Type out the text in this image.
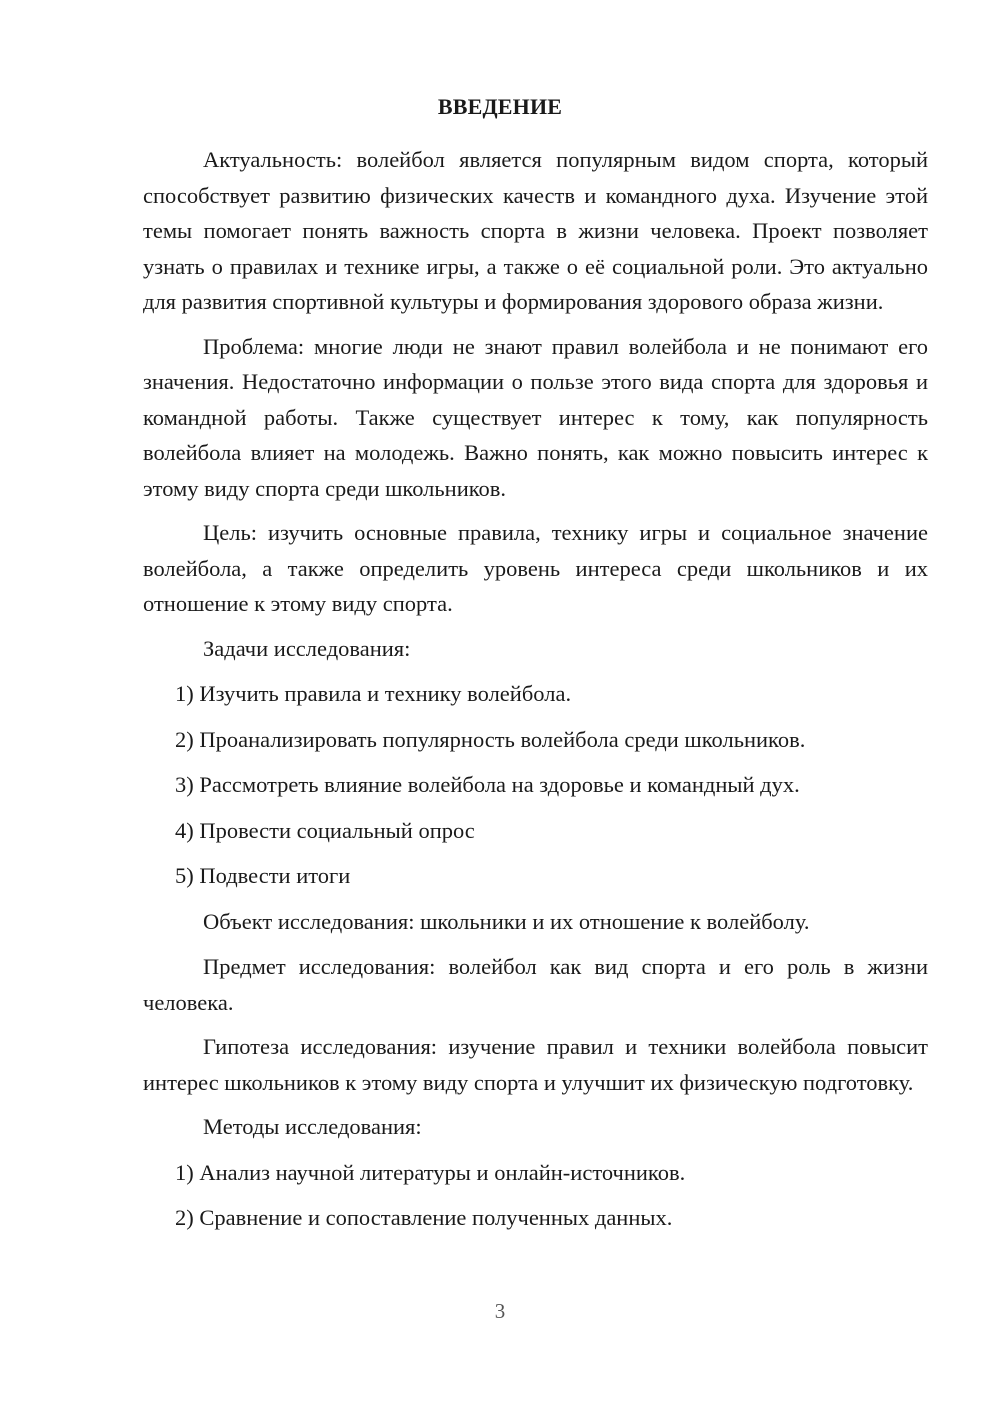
ВВЕДЕНИЕ

Актуальность: волейбол является популярным видом спорта, который способствует развитию физических качеств и командного духа. Изучение этой темы помогает понять важность спорта в жизни человека. Проект позволяет узнать о правилах и технике игры, а также о её социальной роли. Это актуально для развития спортивной культуры и формирования здорового образа жизни.

Проблема: многие люди не знают правил волейбола и не понимают его значения. Недостаточно информации о пользе этого вида спорта для здоровья и командной работы. Также существует интерес к тому, как популярность волейбола влияет на молодежь. Важно понять, как можно повысить интерес к этому виду спорта среди школьников.

Цель: изучить основные правила, технику игры и социальное значение волейбола, а также определить уровень интереса среди школьников и их отношение к этому виду спорта.

Задачи исследования:

1) Изучить правила и технику волейбола.

2) Проанализировать популярность волейбола среди школьников.

3) Рассмотреть влияние волейбола на здоровье и командный дух.

4) Провести социальный опрос

5) Подвести итоги

Объект исследования: школьники и их отношение к волейболу.

Предмет исследования: волейбол как вид спорта и его роль в жизни человека.

Гипотеза исследования: изучение правил и техники волейбола повысит интерес школьников к этому виду спорта и улучшит их физическую подготовку.

Методы исследования:

1) Анализ научной литературы и онлайн-источников.

2) Сравнение и сопоставление полученных данных.

3
